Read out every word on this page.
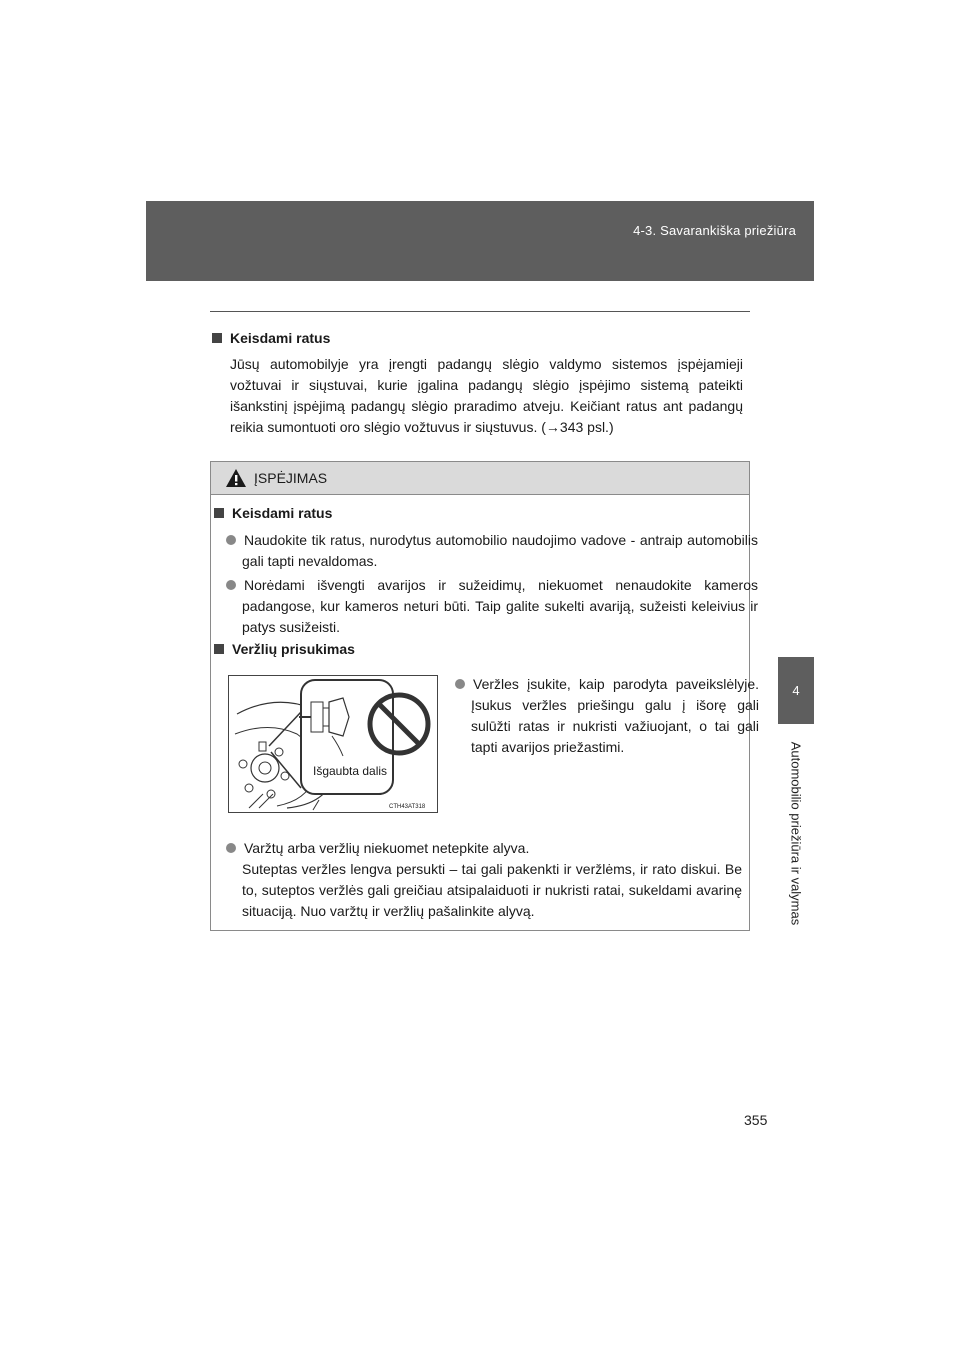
4-3. Savarankiška priežiūra
4
Automobilio priežiūra ir valymas
Keisdami ratus
Jūsų automobilyje yra įrengti padangų slėgio valdymo sistemos įspėjamieji vožtuvai ir siųstuvai, kurie įgalina padangų slėgio įspėjimo sistemą pateikti išankstinį įspėjimą padangų slėgio praradimo atveju. Keičiant ratus ant padangų reikia sumontuoti oro slėgio vožtuvus ir siųstuvus. (→343 psl.)
ĮSPĖJIMAS
Keisdami ratus
Naudokite tik ratus, nurodytus automobilio naudojimo vadove - antraip automobilis gali tapti nevaldomas.
Norėdami išvengti avarijos ir sužeidimų, niekuomet nenaudokite kameros padangose, kur kameros neturi būti. Taip galite sukelti avariją, sužeisti keleivius ir patys susižeisti.
Veržlių prisukimas
Išgaubta dalis
CTH43AT318
Veržles įsukite, kaip parodyta paveikslėlyje. Įsukus veržles priešingu galu į išorę gali sulūžti ratas ir nukristi važiuojant, o tai gali tapti avarijos priežastimi.
Varžtų arba veržlių niekuomet netepkite alyva.
Suteptas veržles lengva persukti – tai gali pakenkti ir veržlėms, ir rato diskui. Be to, suteptos veržlės gali greičiau atsipalaiduoti ir nukristi ratai, sukeldami avarinę situaciją. Nuo varžtų ir veržlių pašalinkite alyvą.
355
